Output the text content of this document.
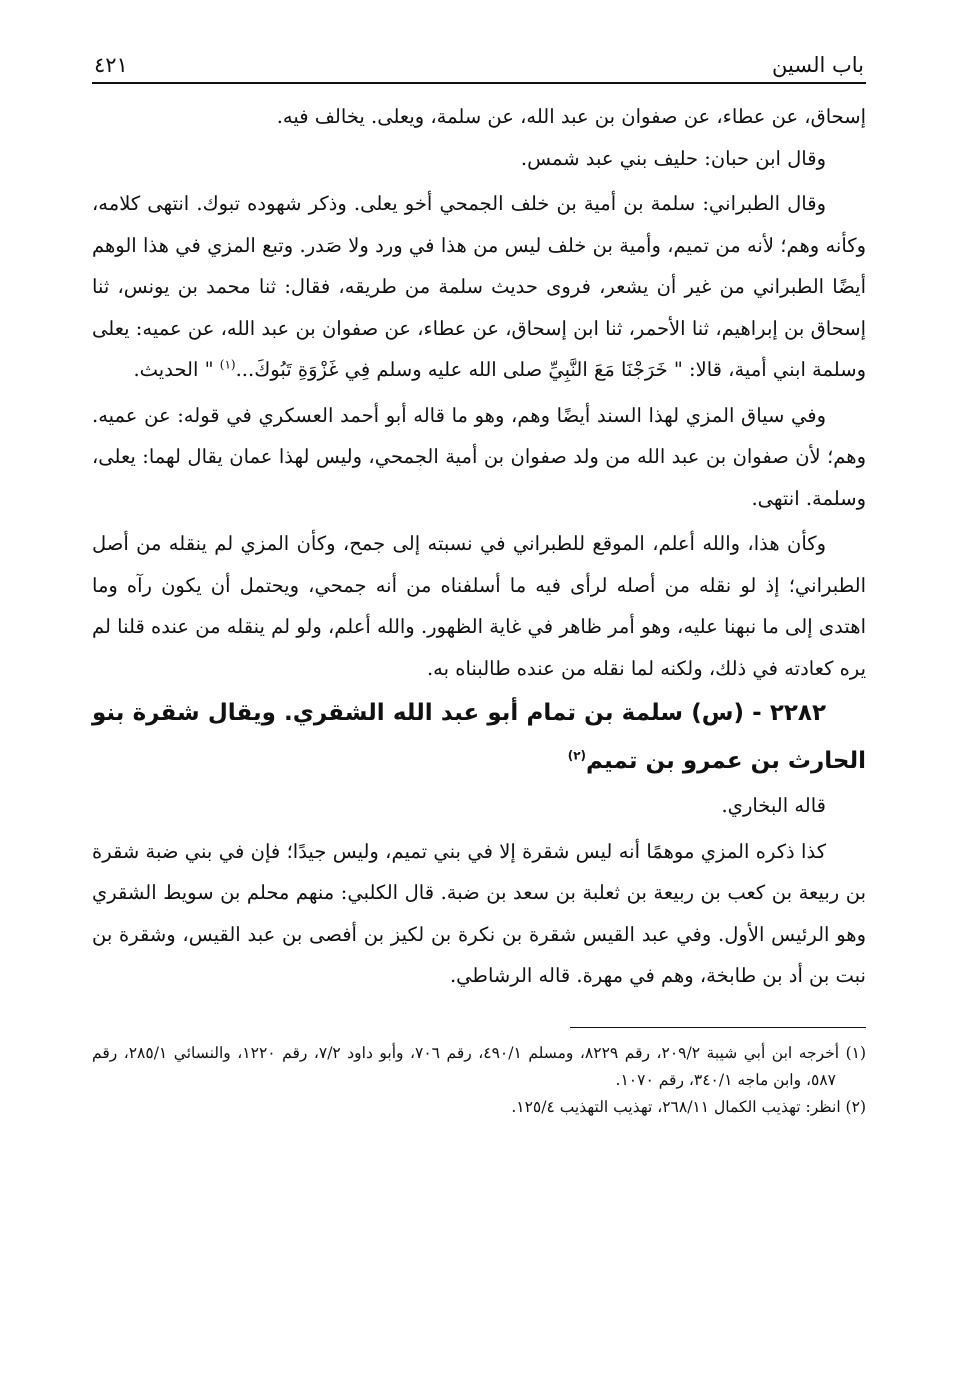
باب السين
٤٢١

إسحاق، عن عطاء، عن صفوان بن عبد الله، عن سلمة، ويعلى. يخالف فيه.

وقال ابن حبان: حليف بني عبد شمس.

وقال الطبراني: سلمة بن أمية بن خلف الجمحي أخو يعلى. وذكر شهوده تبوك. انتهى كلامه، وكأنه وهم؛ لأنه من تميم، وأمية بن خلف ليس من هذا في ورد ولا صَدر. وتبع المزي في هذا الوهم أيضًا الطبراني من غير أن يشعر، فروى حديث سلمة من طريقه، فقال: ثنا محمد بن يونس، ثنا إسحاق بن إبراهيم، ثنا الأحمر، ثنا ابن إسحاق، عن عطاء، عن صفوان بن عبد الله، عن عميه: يعلى وسلمة ابني أمية، قالا: " خَرَجْنَا مَعَ النَّبِيِّ صلى الله عليه وسلم فِي غَزْوَةِ تَبُوكَ...$^{(١)}$ " الحديث.

وفي سياق المزي لهذا السند أيضًا وهم، وهو ما قاله أبو أحمد العسكري في قوله: عن عميه. وهم؛ لأن صفوان بن عبد الله من ولد صفوان بن أمية الجمحي، وليس لهذا عمان يقال لهما: يعلى، وسلمة. انتهى.

وكأن هذا، والله أعلم، الموقع للطبراني في نسبته إلى جمح، وكأن المزي لم ينقله من أصل الطبراني؛ إذ لو نقله من أصله لرأى فيه ما أسلفناه من أنه جمحي، ويحتمل أن يكون رآه وما اهتدى إلى ما نبهنا عليه، وهو أمر ظاهر في غاية الظهور. والله أعلم، ولو لم ينقله من عنده قلنا لم يره كعادته في ذلك، ولكنه لما نقله من عنده طالبناه به.

٢٢٨٢ - (س) سلمة بن تمام أبو عبد الله الشقري. ويقال شقرة بنو الحارث بن عمرو بن تميم$^{(٢)}$

قاله البخاري.

كذا ذكره المزي موهمًا أنه ليس شقرة إلا في بني تميم، وليس جيدًا؛ فإن في بني ضبة شقرة بن ربيعة بن كعب بن ربيعة بن ثعلبة بن سعد بن ضبة. قال الكلبي: منهم محلم بن سويط الشقري وهو الرئيس الأول. وفي عبد القيس شقرة بن نكرة بن لكيز بن أفصى بن عبد القيس، وشقرة بن نبت بن أد بن طابخة، وهم في مهرة. قاله الرشاطي.

(١) أخرجه ابن أبي شيبة ٢٠٩/٢، رقم ٨٢٢٩، ومسلم ٤٩٠/١، رقم ٧٠٦، وأبو داود ٧/٢، رقم ١٢٢٠، والنسائي ٢٨٥/١، رقم ٥٨٧، وابن ماجه ٣٤٠/١، رقم ١٠٧٠.

(٢) انظر: تهذيب الكمال ٢٦٨/١١، تهذيب التهذيب ١٢٥/٤.
